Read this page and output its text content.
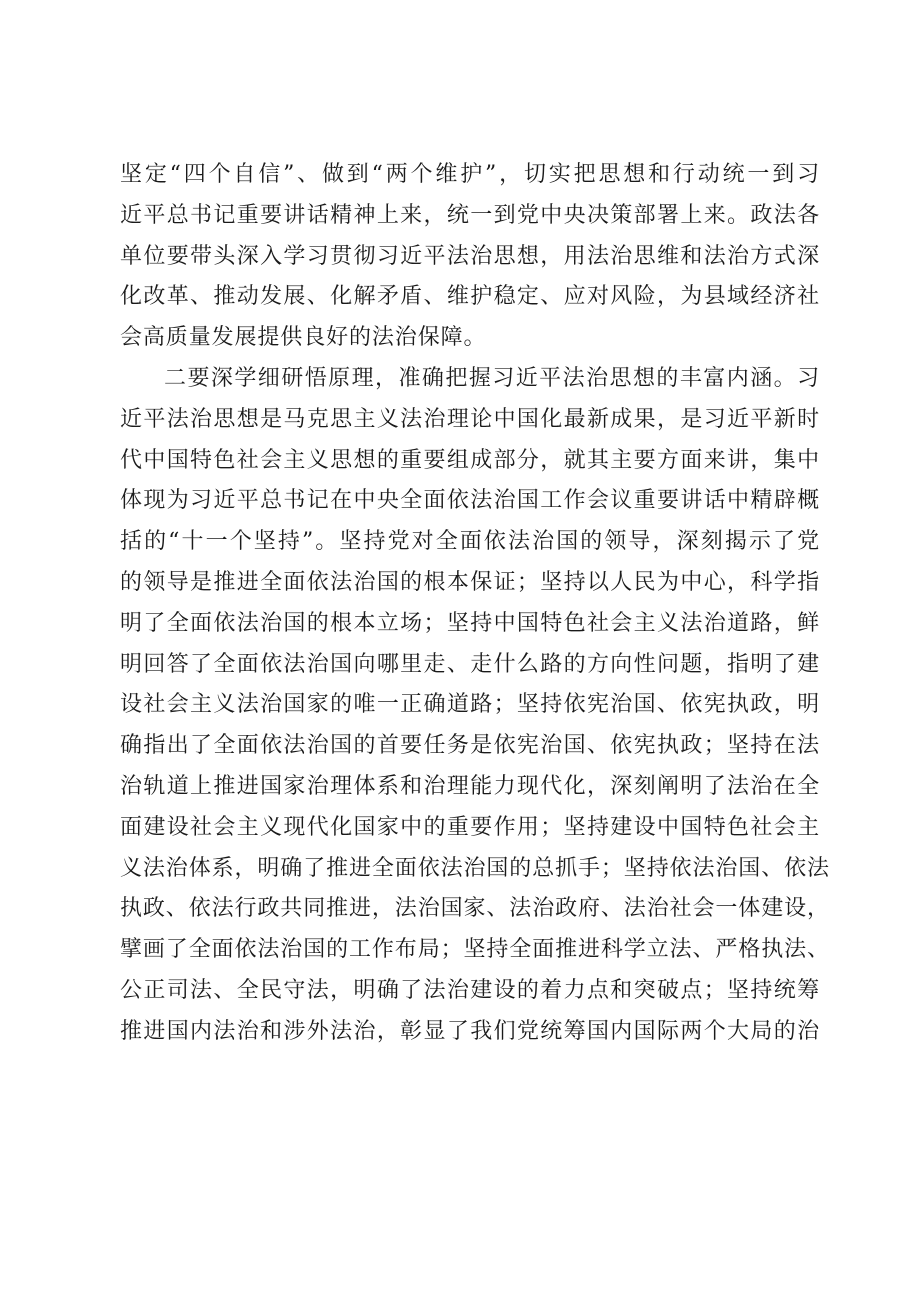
坚定“四个自信”、做到“两个维护”，切实把思想和行动统一到习
近平总书记重要讲话精神上来，统一到党中央决策部署上来。政法各
单位要带头深入学习贯彻习近平法治思想，用法治思维和法治方式深
化改革、推动发展、化解矛盾、维护稳定、应对风险，为县域经济社
会高质量发展提供良好的法治保障。
二要深学细研悟原理，准确把握习近平法治思想的丰富内涵。习
近平法治思想是马克思主义法治理论中国化最新成果，是习近平新时
代中国特色社会主义思想的重要组成部分，就其主要方面来讲，集中
体现为习近平总书记在中央全面依法治国工作会议重要讲话中精辟概
括的“十一个坚持”。坚持党对全面依法治国的领导，深刻揭示了党
的领导是推进全面依法治国的根本保证；坚持以人民为中心，科学指
明了全面依法治国的根本立场；坚持中国特色社会主义法治道路，鲜
明回答了全面依法治国向哪里走、走什么路的方向性问题，指明了建
设社会主义法治国家的唯一正确道路；坚持依宪治国、依宪执政，明
确指出了全面依法治国的首要任务是依宪治国、依宪执政；坚持在法
治轨道上推进国家治理体系和治理能力现代化，深刻阐明了法治在全
面建设社会主义现代化国家中的重要作用；坚持建设中国特色社会主
义法治体系，明确了推进全面依法治国的总抓手；坚持依法治国、依法
执政、依法行政共同推进，法治国家、法治政府、法治社会一体建设，
擘画了全面依法治国的工作布局；坚持全面推进科学立法、严格执法、
公正司法、全民守法，明确了法治建设的着力点和突破点；坚持统筹
推进国内法治和涉外法治，彰显了我们党统筹国内国际两个大局的治
